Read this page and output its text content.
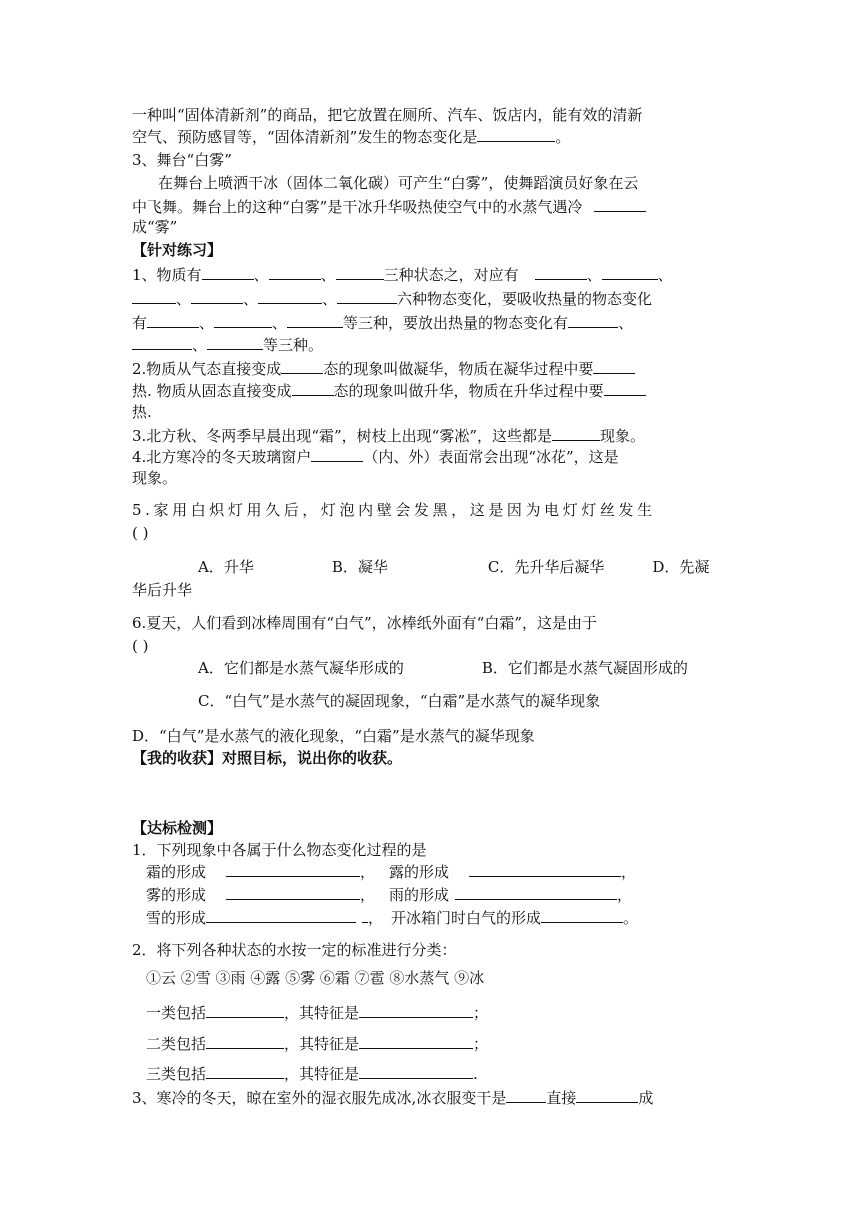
一种叫“固体清新剂”的商品，把它放置在厕所、汽车、饭店内，能有效的清新
空气、预防感冒等，“固体清新剂”发生的物态变化是	。
3、舞台“白雾”
在舞台上喷洒干冰（固体二氧化碳）可产生“白雾”，使舞蹈演员好象在云
中飞舞。舞台上的这种“白雾”是干冰升华吸热使空气中的水蒸气遇冷
成“雾”
【针对练习】
1、物质有	、	、	三种状态之，对应有	、	、
、	、	、	六种物态变化，要吸收热量的物态变化
有	、	、	等三种，要放出热量的物态变化有	、
、	等三种。
2.物质从气态直接变成	态的现象叫做凝华，物质在凝华过程中要
热. 物质从固态直接变成	态的现象叫做升华，物质在升华过程中要
热.
3.北方秋、冬两季早晨出现“霜”，树枝上出现“雾凇”，这些都是	现象。
4.北方寒冷的冬天玻璃窗户	（内、外）表面常会出现“冰花”，这是
现象。
5.家用白炽灯用久后，灯泡内壁会发黑，这是因为电灯灯丝发生
( )
A．升华	B．凝华	C．先升华后凝华	D．先凝
华后升华
6.夏天，人们看到冰棒周围有“白气”，冰棒纸外面有“白霜”，这是由于
( )
A．它们都是水蒸气凝华形成的	B．它们都是水蒸气凝固形成的
C．“白气”是水蒸气的凝固现象，“白霜”是水蒸气的凝华现象
D．“白气”是水蒸气的液化现象，“白霜”是水蒸气的凝华现象
【我的收获】对照目标，说出你的收获。
【达标检测】
1．下列现象中各属于什么物态变化过程的是
霜的形成	， 露的形成	，
雾的形成	， 雨的形成	，
雪的形成	， 开冰箱门时白气的形成	。
2．将下列各种状态的水按一定的标准进行分类：
①云 ②雪 ③雨 ④露 ⑤雾 ⑥霜 ⑦雹 ⑧水蒸气 ⑨冰
一类包括	，其特征是	；
二类包括	，其特征是	；
三类包括	，其特征是	.
3、寒冷的冬天，晾在室外的湿衣服先成冰,冰衣服变干是	直接	成
